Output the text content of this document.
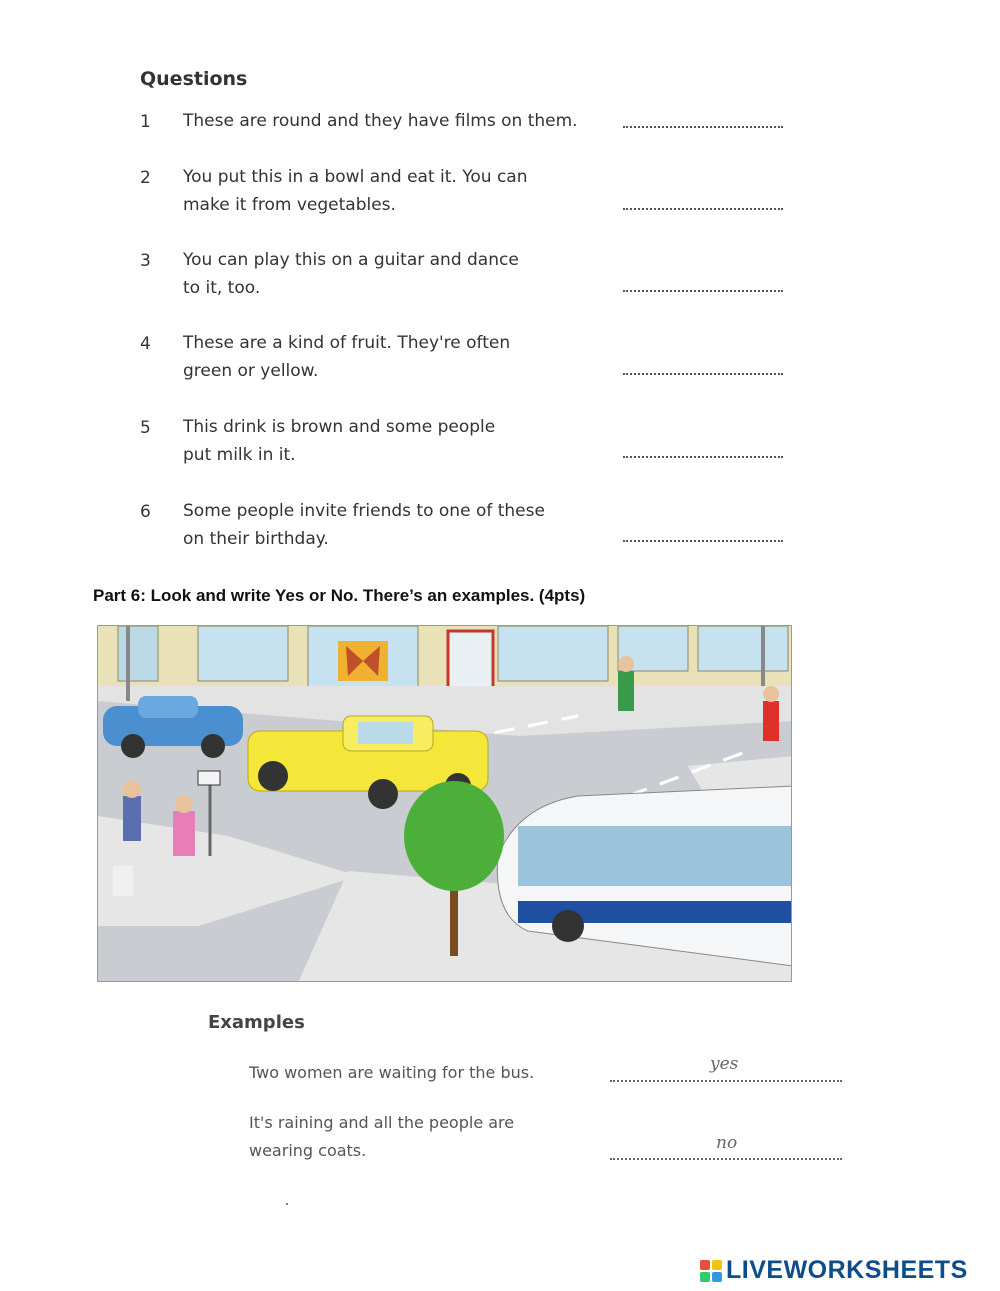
Questions
1 These are round and they have films on them.
2 You put this in a bowl and eat it. You can
make it from vegetables.
3 You can play this on a guitar and dance
to it, too.
4 These are a kind of fruit. They're often
green or yellow.
5 This drink is brown and some people
put milk in it.
6 Some people invite friends to one of these
on their birthday.
Part 6: Look and write Yes or No. There’s an examples. (4pts)
Examples
Two women are waiting for the bus.	yes
It's raining and all the people are
wearing coats.	no
LIVEWORKSHEETS
